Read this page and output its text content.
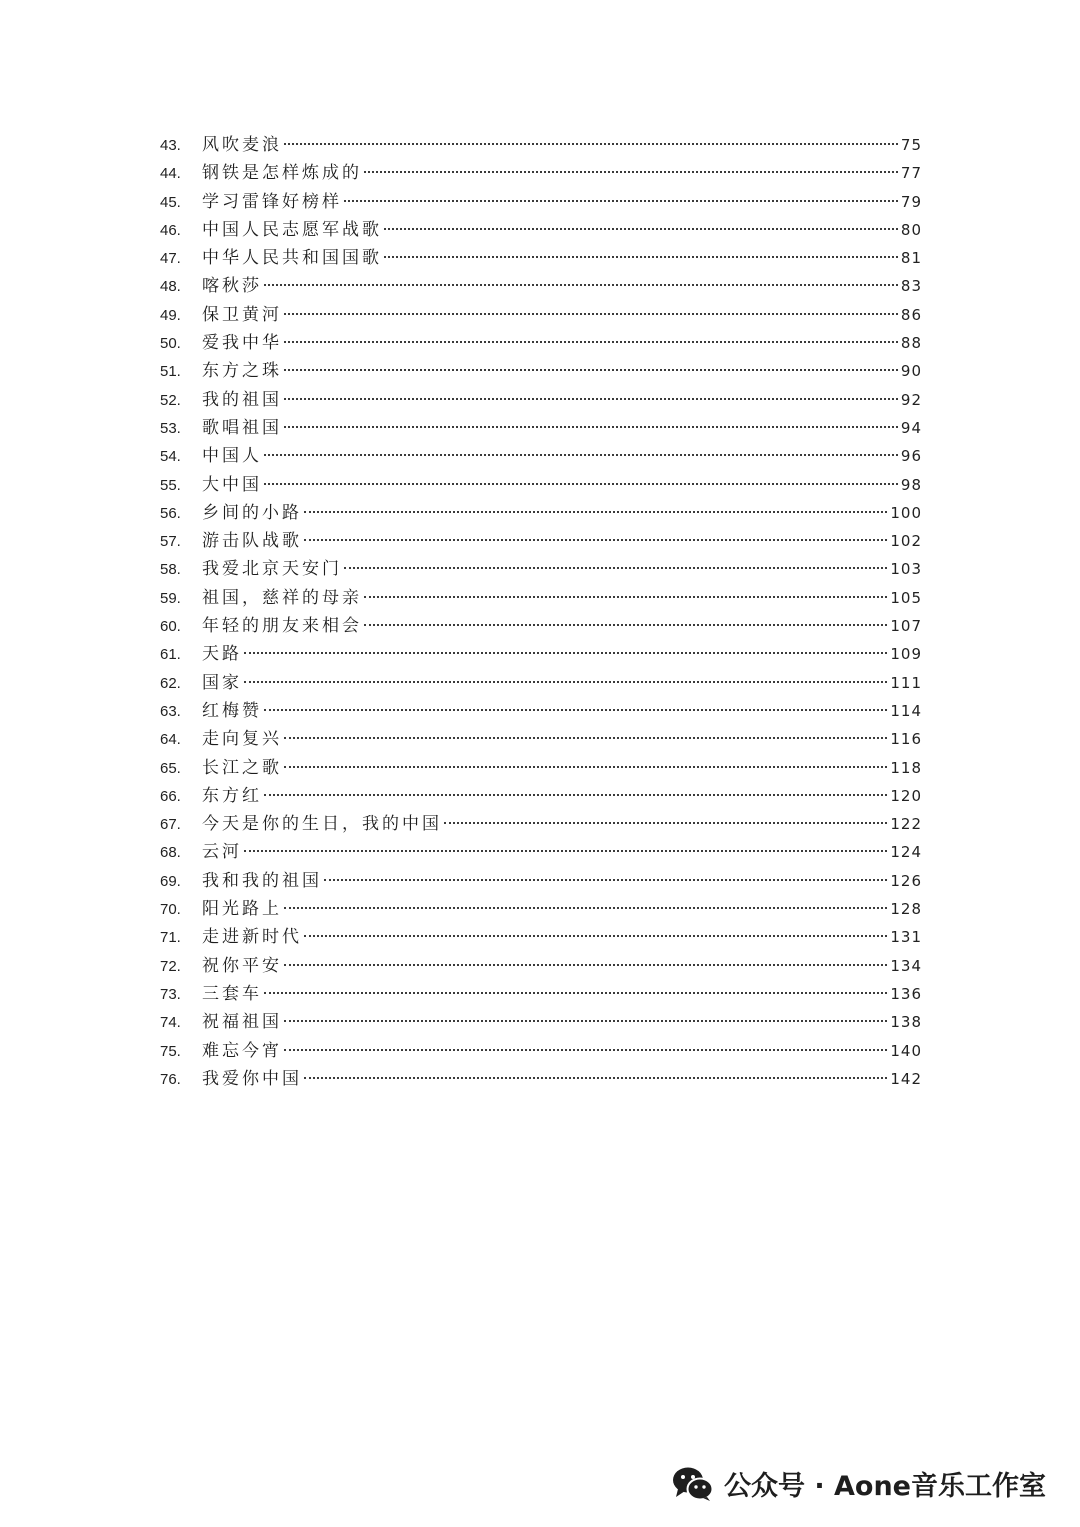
43.	风吹麦浪	75
44.	钢铁是怎样炼成的	77
45.	学习雷锋好榜样	79
46.	中国人民志愿军战歌	80
47.	中华人民共和国国歌	81
48.	喀秋莎	83
49.	保卫黄河	86
50.	爱我中华	88
51.	东方之珠	90
52.	我的祖国	92
53.	歌唱祖国	94
54.	中国人	96
55.	大中国	98
56.	乡间的小路	100
57.	游击队战歌	102
58.	我爱北京天安门	103
59.	祖国，慈祥的母亲	105
60.	年轻的朋友来相会	107
61.	天路	109
62.	国家	111
63.	红梅赞	114
64.	走向复兴	116
65.	长江之歌	118
66.	东方红	120
67.	今天是你的生日，我的中国	122
68.	云河	124
69.	我和我的祖国	126
70.	阳光路上	128
71.	走进新时代	131
72.	祝你平安	134
73.	三套车	136
74.	祝福祖国	138
75.	难忘今宵	140
76.	我爱你中国	142
公众号 · Aone音乐工作室
